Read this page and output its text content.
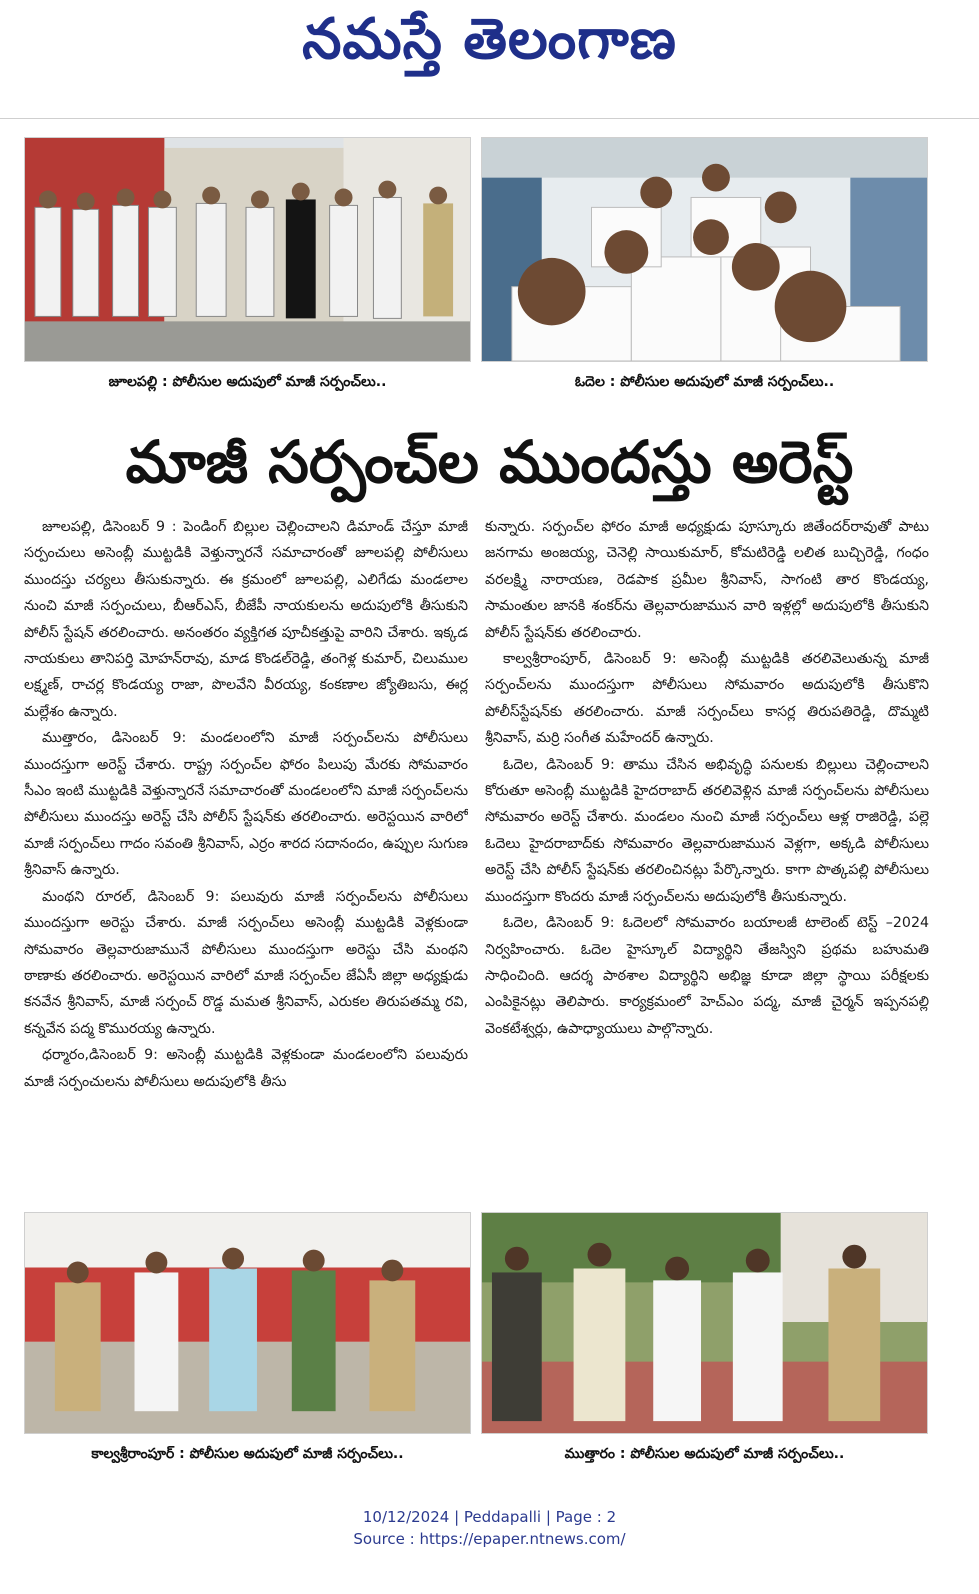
నమస్తే తెలంగాణ
జూలపల్లి : పోలీసుల అదుపులో మాజీ సర్పంచ్‌లు..	ఓదెల : పోలీసుల అదుపులో మాజీ సర్పంచ్‌లు..
మాజీ సర్పంచ్‌ల ముందస్తు అరెస్ట్

జూలపల్లి, డిసెంబర్ 9 : పెండింగ్ బిల్లుల చెల్లించాలని డిమాండ్ చేస్తూ మాజీ సర్పంచులు అసెంబ్లీ ముట్టడికి వెళ్తున్నారనే సమాచారంతో జూలపల్లి పోలీసులు ముందస్తు చర్యలు తీసుకున్నారు. ఈ క్రమంలో జూలపల్లి, ఎలిగేడు మండలాల నుంచి మాజీ సర్పంచులు, బీఆర్ఎస్, బీజేపీ నాయకులను అదుపులోకి తీసుకుని పోలీస్ స్టేషన్ తరలించారు. అనంతరం వ్యక్తిగత పూచీకత్తుపై వారిని చేశారు. ఇక్కడ నాయకులు తానిపర్తి మోహన్‌రావు, మాడ కొండల్‌రెడ్డి, తంగెళ్ల కుమార్, చిలుముల లక్ష్మణ్, రాచర్ల కొండయ్య రాజా, పొలవేని వీరయ్య, కంకణాల జ్యోతిబసు, ఈర్ల మల్లేశం ఉన్నారు.

ముత్తారం, డిసెంబర్ 9: మండలంలోని మాజీ సర్పంచ్‌లను పోలీసులు ముందస్తుగా అరెస్ట్ చేశారు. రాష్ట్ర సర్పంచ్‌ల ఫోరం పిలుపు మేరకు సోమవారం సీఎం ఇంటి ముట్టడికి వెళ్తున్నారనే సమాచారంతో మండలంలోని మాజీ సర్పంచ్‌లను పోలీసులు ముందస్తు అరెస్ట్ చేసి పోలీస్ స్టేషన్‌కు తరలించారు. అరెస్టయిన వారిలో మాజీ సర్పంచ్‌లు గాదం సవంతి శ్రీనివాస్, ఎర్రం శారద సదానందం, ఉప్పుల సుగుణ శ్రీనివాస్ ఉన్నారు.

మంథని రూరల్, డిసెంబర్ 9: పలువురు మాజీ సర్పంచ్‌లను పోలీసులు ముందస్తుగా అరెస్టు చేశారు. మాజీ సర్పంచ్‌లు అసెంబ్లీ ముట్టడికి వెళ్లకుండా సోమవారం తెల్లవారుజామునే పోలీసులు ముందస్తుగా అరెస్టు చేసి మంథని ఠాణాకు తరలించారు. అరెస్టయిన వారిలో మాజీ సర్పంచ్‌ల జేఏసీ జిల్లా అధ్యక్షుడు కనవేన శ్రీనివాస్, మాజీ సర్పంచ్ రొడ్డ మమత శ్రీనివాస్, ఎరుకల తిరుపతమ్మ రవి, కన్నవేన పద్మ కొమురయ్య ఉన్నారు.

ధర్మారం,డిసెంబర్ 9: అసెంబ్లీ ముట్టడికి వెళ్లకుండా మండలంలోని పలువురు మాజీ సర్పంచులను పోలీసులు అదుపులోకి తీసు

కున్నారు. సర్పంచ్‌ల ఫోరం మాజీ అధ్యక్షుడు పూస్కూరు జితేందర్‌రావుతో పాటు జనగామ అంజయ్య, చెనెల్లి సాయికుమార్, కోమటిరెడ్డి లలిత బుచ్చిరెడ్డి, గంధం వరలక్ష్మి నారాయణ, రెడపాక ప్రమీల శ్రీనివాస్, సాగంటి తార కొండయ్య, సామంతుల జానకి శంకర్‌ను తెల్లవారుజామున వారి ఇళ్లల్లో అదుపులోకి తీసుకుని పోలీస్ స్టేషన్‌కు తరలించారు.

కాల్వశ్రీరాంపూర్, డిసెంబర్ 9: అసెంబ్లీ ముట్టడికి తరలివెలుతున్న మాజీ సర్పంచ్‌లను ముందస్తుగా పోలీసులు సోమవారం అదుపులోకి తీసుకొని పోలీస్‌స్టేషన్‌కు తరలించారు. మాజీ సర్పంచ్‌లు కాసర్ల తిరుపతిరెడ్డి, దొమ్మటి శ్రీనివాస్, మర్రి సంగీత మహేందర్ ఉన్నారు.

ఓదెల, డిసెంబర్ 9: తాము చేసిన అభివృద్ధి పనులకు బిల్లులు చెల్లించాలని కోరుతూ అసెంబ్లీ ముట్టడికి హైదరాబాద్ తరలివెళ్లిన మాజీ సర్పంచ్‌లను పోలీసులు సోమవారం అరెస్ట్ చేశారు. మండలం నుంచి మాజీ సర్పంచ్‌లు ఆళ్ల రాజిరెడ్డి, పల్లె ఓదెలు హైదరాబాద్‌కు సోమవారం తెల్లవారుజామున వెళ్లగా, అక్కడి పోలీసులు అరెస్ట్ చేసి పోలీస్ స్టేషన్‌కు తరలించినట్లు పేర్కొన్నారు. కాగా పొత్కపల్లి పోలీసులు ముందస్తుగా కొందరు మాజీ సర్పంచ్‌లను అదుపులోకి తీసుకున్నారు.

ఓదెల, డిసెంబర్ 9: ఓదెలలో సోమవారం బయాలజీ టాలెంట్ టెస్ట్ –2024 నిర్వహించారు. ఓదెల హైస్కూల్ విద్యార్థిని తేజస్విని ప్రథమ బహుమతి సాధించింది. ఆదర్శ పాఠశాల విద్యార్థిని అభిజ్ఞ కూడా జిల్లా స్థాయి పరీక్షలకు ఎంపికైనట్లు తెలిపారు. కార్యక్రమంలో హెచ్‌ఎం పద్మ, మాజీ చైర్మన్ ఇప్పనపల్లి వెంకటేశ్వర్లు, ఉపాధ్యాయులు పాల్గొన్నారు.

కాల్వశ్రీరాంపూర్ : పోలీసుల అదుపులో మాజీ సర్పంచ్‌లు..	ముత్తారం : పోలీసుల అదుపులో మాజీ సర్పంచ్‌లు..
10/12/2024 | Peddapalli | Page : 2
Source : https://epaper.ntnews.com/
